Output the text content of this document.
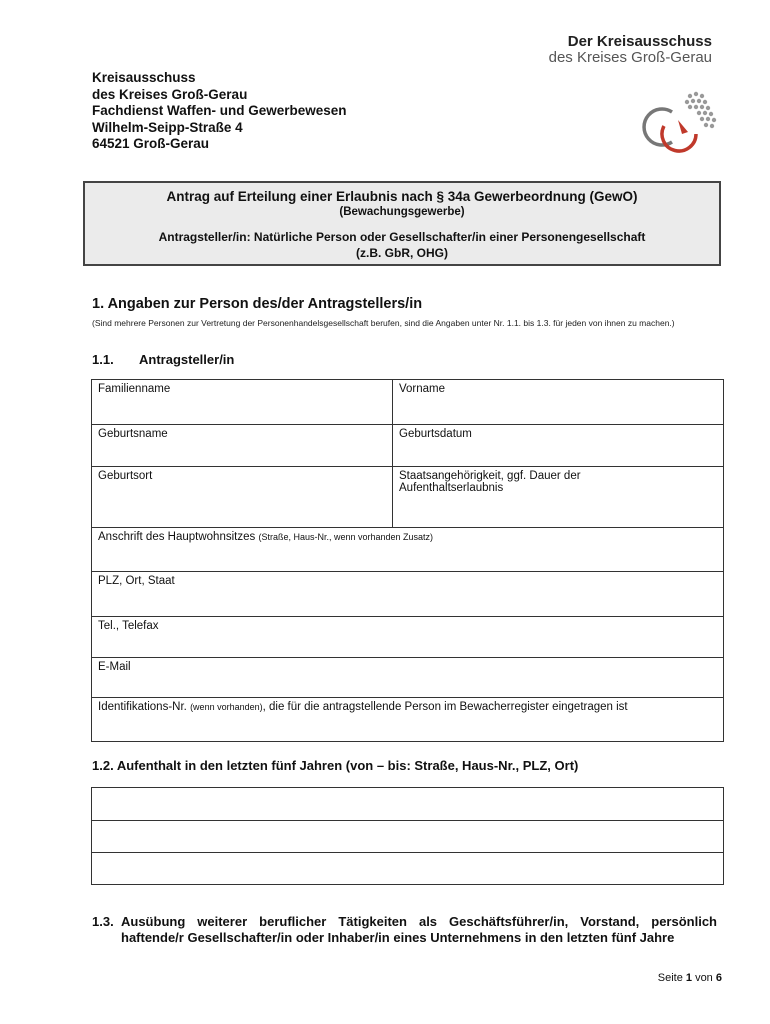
Der Kreisausschuss
des Kreises Groß-Gerau
Kreisausschuss
des Kreises Groß-Gerau
Fachdienst Waffen- und Gewerbewesen
Wilhelm-Seipp-Straße 4
64521 Groß-Gerau
Antrag auf Erteilung einer Erlaubnis nach § 34a Gewerbeordnung (GewO)
(Bewachungsgewerbe)
Antragsteller/in: Natürliche Person oder Gesellschafter/in einer Personengesellschaft
(z.B. GbR, OHG)
1. Angaben zur Person des/der Antragstellers/in
(Sind mehrere Personen zur Vertretung der Personenhandelsgesellschaft berufen, sind die Angaben unter Nr. 1.1. bis 1.3. für jeden von ihnen zu machen.)
1.1. Antragsteller/in
Familienname	Vorname
Geburtsname	Geburtsdatum
Geburtsort	Staatsangehörigkeit, ggf. Dauer der Aufenthaltserlaubnis
Anschrift des Hauptwohnsitzes (Straße, Haus-Nr., wenn vorhanden Zusatz)
PLZ, Ort, Staat
Tel., Telefax
E-Mail
Identifikations-Nr. (wenn vorhanden), die für die antragstellende Person im Bewacherregister eingetragen ist
1.2. Aufenthalt in den letzten fünf Jahren (von – bis: Straße, Haus-Nr., PLZ, Ort)
1.3. Ausübung weiterer beruflicher Tätigkeiten als Geschäftsführer/in, Vorstand, persönlich haftende/r Gesellschafter/in oder Inhaber/in eines Unternehmens in den letzten fünf Jahre
Seite 1 von 6
